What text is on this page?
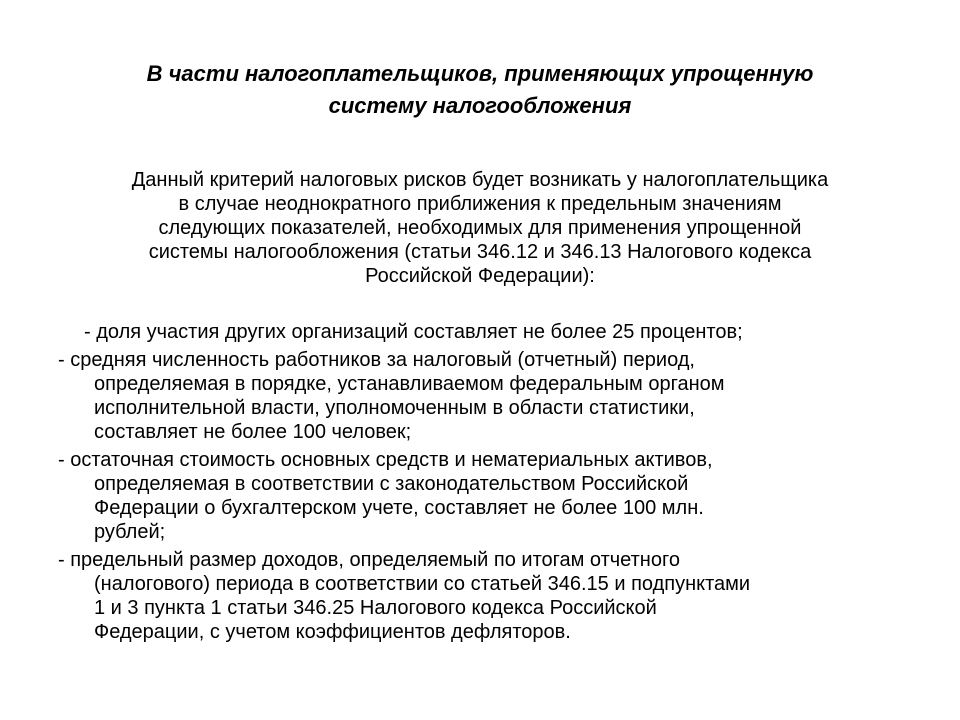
В части налогоплательщиков, применяющих упрощенную
систему налогообложения

Данный критерий налоговых рисков будет возникать у налогоплательщика
в случае неоднократного приближения к предельным значениям
следующих показателей, необходимых для применения упрощенной
системы налогообложения (статьи 346.12 и 346.13 Налогового кодекса
Российской Федерации):

- доля участия других организаций составляет не более 25 процентов;
- средняя численность работников за налоговый (отчетный) период,
определяемая в порядке, устанавливаемом федеральным органом
исполнительной власти, уполномоченным в области статистики,
составляет не более 100 человек;
- остаточная стоимость основных средств и нематериальных активов,
определяемая в соответствии с законодательством Российской
Федерации о бухгалтерском учете, составляет не более 100 млн.
рублей;
- предельный размер доходов, определяемый по итогам отчетного
(налогового) периода в соответствии со статьей 346.15 и подпунктами
1 и 3 пункта 1 статьи 346.25 Налогового кодекса Российской
Федерации, с учетом коэффициентов дефляторов.
